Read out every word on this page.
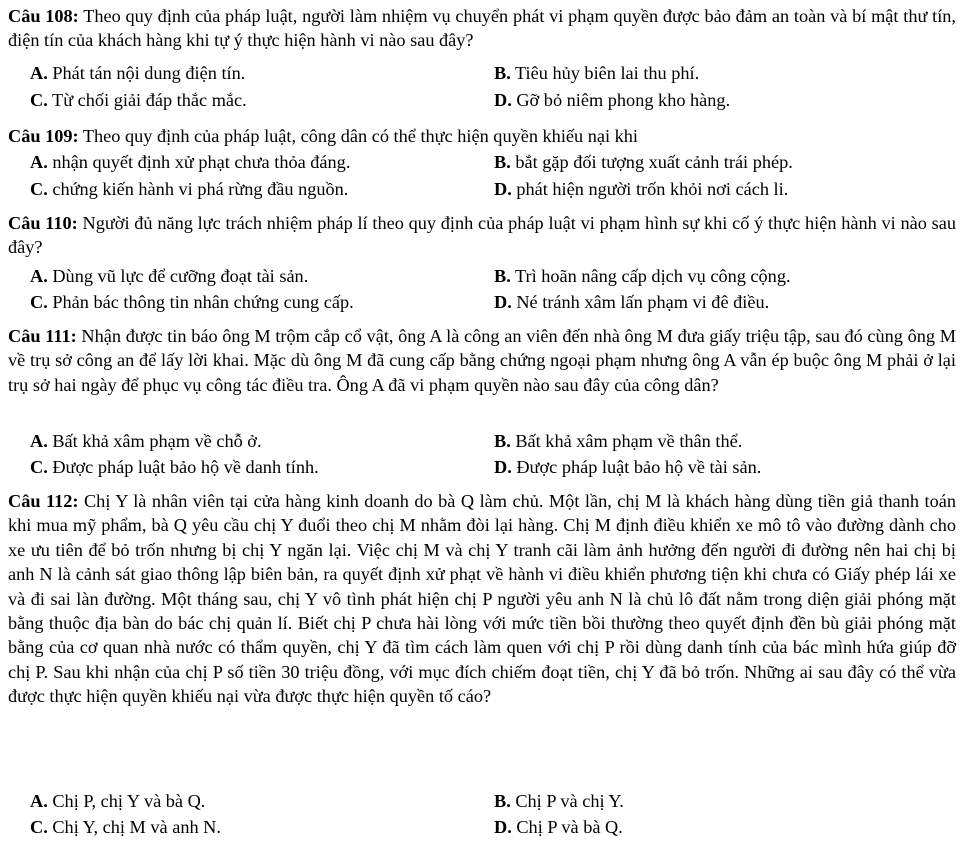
Câu 108: Theo quy định của pháp luật, người làm nhiệm vụ chuyển phát vi phạm quyền được bảo đảm an toàn và bí mật thư tín, điện tín của khách hàng khi tự ý thực hiện hành vi nào sau đây?
A. Phát tán nội dung điện tín.	B. Tiêu hủy biên lai thu phí.
C. Từ chối giải đáp thắc mắc.	D. Gỡ bỏ niêm phong kho hàng.
Câu 109: Theo quy định của pháp luật, công dân có thể thực hiện quyền khiếu nại khi
A. nhận quyết định xử phạt chưa thỏa đáng.	B. bắt gặp đối tượng xuất cảnh trái phép.
C. chứng kiến hành vi phá rừng đầu nguồn.	D. phát hiện người trốn khỏi nơi cách li.
Câu 110: Người đủ năng lực trách nhiệm pháp lí theo quy định của pháp luật vi phạm hình sự khi cố ý thực hiện hành vi nào sau đây?
A. Dùng vũ lực để cưỡng đoạt tài sản.	B. Trì hoãn nâng cấp dịch vụ công cộng.
C. Phản bác thông tin nhân chứng cung cấp.	D. Né tránh xâm lấn phạm vi đê điều.
Câu 111: Nhận được tin báo ông M trộm cắp cổ vật, ông A là công an viên đến nhà ông M đưa giấy triệu tập, sau đó cùng ông M về trụ sở công an để lấy lời khai. Mặc dù ông M đã cung cấp bằng chứng ngoại phạm nhưng ông A vẫn ép buộc ông M phải ở lại trụ sở hai ngày để phục vụ công tác điều tra. Ông A đã vi phạm quyền nào sau đây của công dân?
A. Bất khả xâm phạm về chỗ ở.	B. Bất khả xâm phạm về thân thể.
C. Được pháp luật bảo hộ về danh tính.	D. Được pháp luật bảo hộ về tài sản.
Câu 112: Chị Y là nhân viên tại cửa hàng kinh doanh do bà Q làm chủ. Một lần, chị M là khách hàng dùng tiền giả thanh toán khi mua mỹ phẩm, bà Q yêu cầu chị Y đuổi theo chị M nhằm đòi lại hàng. Chị M định điều khiển xe mô tô vào đường dành cho xe ưu tiên để bỏ trốn nhưng bị chị Y ngăn lại. Việc chị M và chị Y tranh cãi làm ảnh hưởng đến người đi đường nên hai chị bị anh N là cảnh sát giao thông lập biên bản, ra quyết định xử phạt về hành vi điều khiển phương tiện khi chưa có Giấy phép lái xe và đi sai làn đường. Một tháng sau, chị Y vô tình phát hiện chị P người yêu anh N là chủ lô đất nằm trong diện giải phóng mặt bằng thuộc địa bàn do bác chị quản lí. Biết chị P chưa hài lòng với mức tiền bồi thường theo quyết định đền bù giải phóng mặt bằng của cơ quan nhà nước có thẩm quyền, chị Y đã tìm cách làm quen với chị P rồi dùng danh tính của bác mình hứa giúp đỡ chị P. Sau khi nhận của chị P số tiền 30 triệu đồng, với mục đích chiếm đoạt tiền, chị Y đã bỏ trốn. Những ai sau đây có thể vừa được thực hiện quyền khiếu nại vừa được thực hiện quyền tố cáo?
A. Chị P, chị Y và bà Q.	B. Chị P và chị Y.
C. Chị Y, chị M và anh N.	D. Chị P và bà Q.
